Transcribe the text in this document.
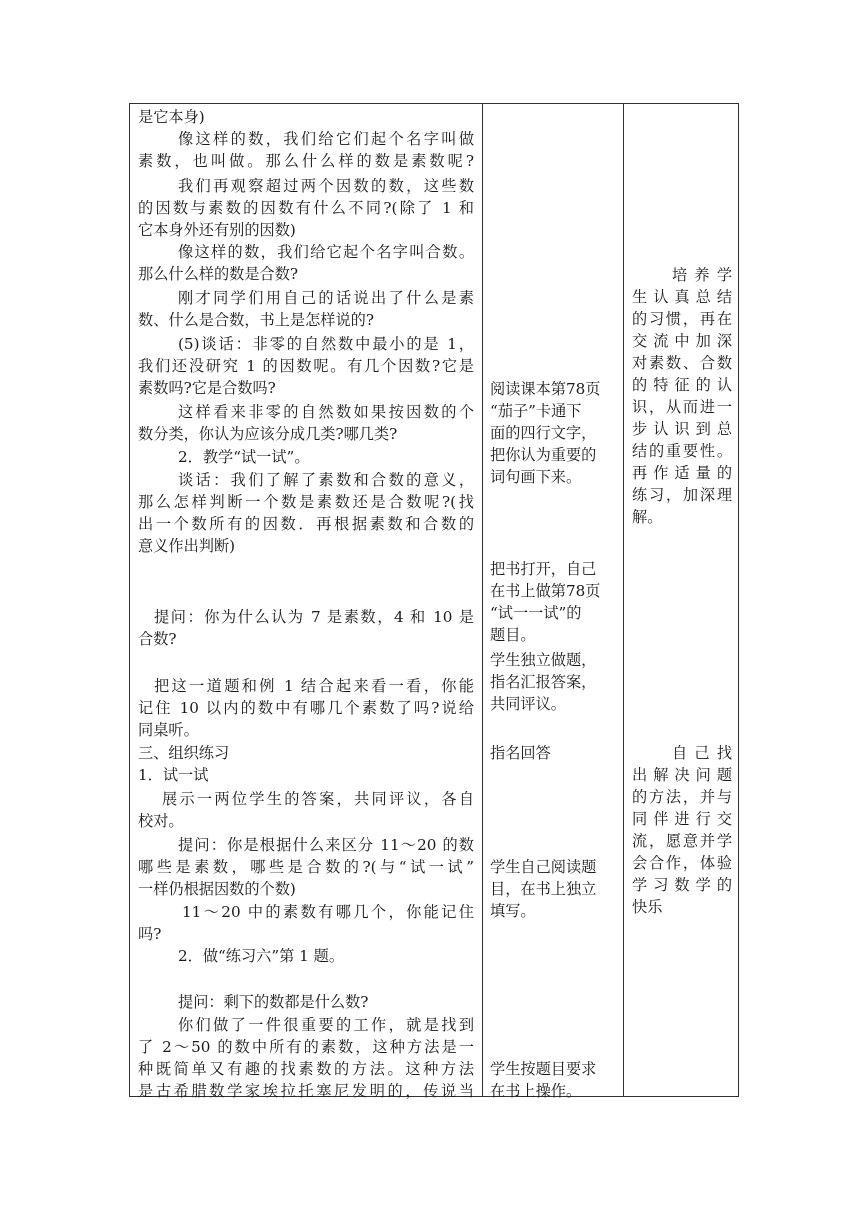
是它本身)
像这样的数，我们给它们起个名字叫做
素数，也叫做。那么什么样的数是素数呢?
我们再观察超过两个因数的数，这些数
的因数与素数的因数有什么不同?(除了 1 和
它本身外还有别的因数)
像这样的数，我们给它起个名字叫合数。
那么什么样的数是合数?
刚才同学们用自己的话说出了什么是素
数、什么是合数，书上是怎样说的?
(5)谈话：非零的自然数中最小的是 1，
我们还没研究 1 的因数呢。有几个因数?它是
素数吗?它是合数吗?
这样看来非零的自然数如果按因数的个
数分类，你认为应该分成几类?哪几类?
2．教学“试一试”。
谈话：我们了解了素数和合数的意义，
那么怎样判断一个数是素数还是合数呢?(找
出一个数所有的因数．再根据素数和合数的
意义作出判断)
提问：你为什么认为 7 是素数，4 和 10 是
合数?
把这一道题和例 1 结合起来看一看，你能
记住 10 以内的数中有哪几个素数了吗?说给
同桌听。
三、组织练习
1．试一试
展示一两位学生的答案，共同评议，各自
校对。
提问：你是根据什么来区分 11～20 的数
哪些是素数，哪些是合数的?(与“试一试”
一样仍根据因数的个数)
11～20 中的素数有哪几个，你能记住
吗?
2．做“练习六”第 1 题。
提问：剩下的数都是什么数?
你们做了一件很重要的工作，就是找到
了 2～50 的数中所有的素数，这种方法是一
种既简单又有趣的找素数的方法。这种方法
是古希腊数学家埃拉托塞尼发明的，传说当
阅读课本第78页
“茄子”卡通下
面的四行文字，
把你认为重要的
词句画下来。
把书打开，自己
在书上做第78页
“试一一试”的
题目。
学生独立做题，
指名汇报答案，
共同评议。
指名回答
学生自己阅读题
目，在书上独立
填写。
学生按题目要求
在书上操作。
培养学
生认真总结
的习惯，再在
交流中加深
对素数、合数
的特征的认
识，从而进一
步认识到总
结的重要性。
再作适量的
练习，加深理
解。
自己找
出解决问题
的方法，并与
同伴进行交
流，愿意并学
会合作，体验
学习数学的
快乐
